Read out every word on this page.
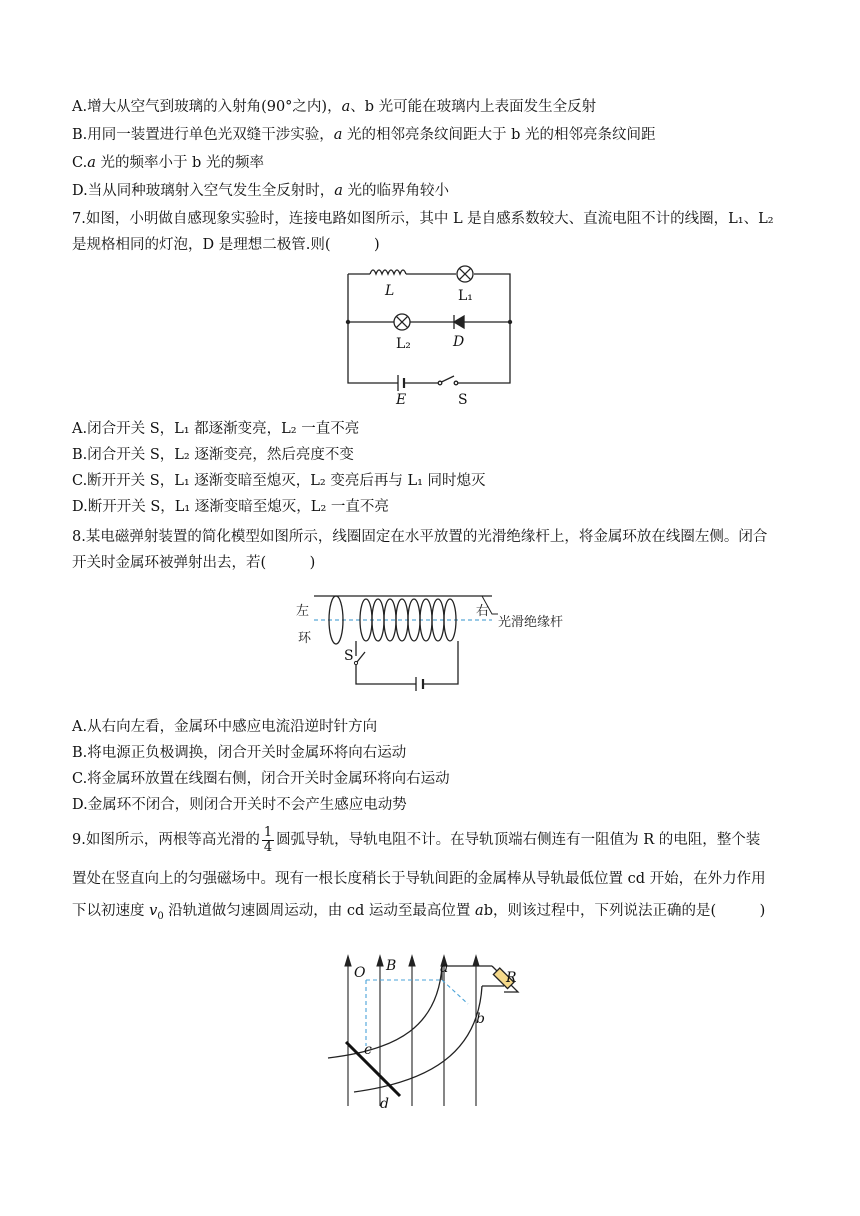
A.增大从空气到玻璃的入射角(90°之内)，a、b 光可能在玻璃内上表面发生全反射
B.用同一装置进行单色光双缝干涉实验，a 光的相邻亮条纹间距大于 b 光的相邻亮条纹间距
C.a 光的频率小于 b 光的频率
D.当从同种玻璃射入空气发生全反射时，a 光的临界角较小
7.如图，小明做自感现象实验时，连接电路如图所示，其中 L 是自感系数较大、直流电阻不计的线圈，L₁、L₂
是规格相同的灯泡，D 是理想二极管.则(　　　)
L	L₁
L₂	D
E	S
A.闭合开关 S，L₁ 都逐渐变亮，L₂ 一直不亮
B.闭合开关 S，L₂ 逐渐变亮，然后亮度不变
C.断开开关 S，L₁ 逐渐变暗至熄灭，L₂ 变亮后再与 L₁ 同时熄灭
D.断开开关 S，L₁ 逐渐变暗至熄灭，L₂ 一直不亮
8.某电磁弹射装置的简化模型如图所示，线圈固定在水平放置的光滑绝缘杆上，将金属环放在线圈左侧。闭合
开关时金属环被弹射出去，若(　　　)
左	右
环
S
光滑绝缘杆
A.从右向左看，金属环中感应电流沿逆时针方向
B.将电源正负极调换，闭合开关时金属环将向右运动
C.将金属环放置在线圈右侧，闭合开关时金属环将向右运动
D.金属环不闭合，则闭合开关时不会产生感应电动势
9.如图所示，两根等高光滑的 $\frac{1}{4}$ 圆弧导轨，导轨电阻不计。在导轨顶端右侧连有一阻值为 R 的电阻，整个装
置处在竖直向上的匀强磁场中。现有一根长度稍长于导轨间距的金属棒从导轨最低位置 cd 开始，在外力作用
下以初速度 $v_0$ 沿轨道做匀速圆周运动，由 cd 运动至最高位置 ab，则该过程中，下列说法正确的是(　　　)
O B	a
b
R
c
d
